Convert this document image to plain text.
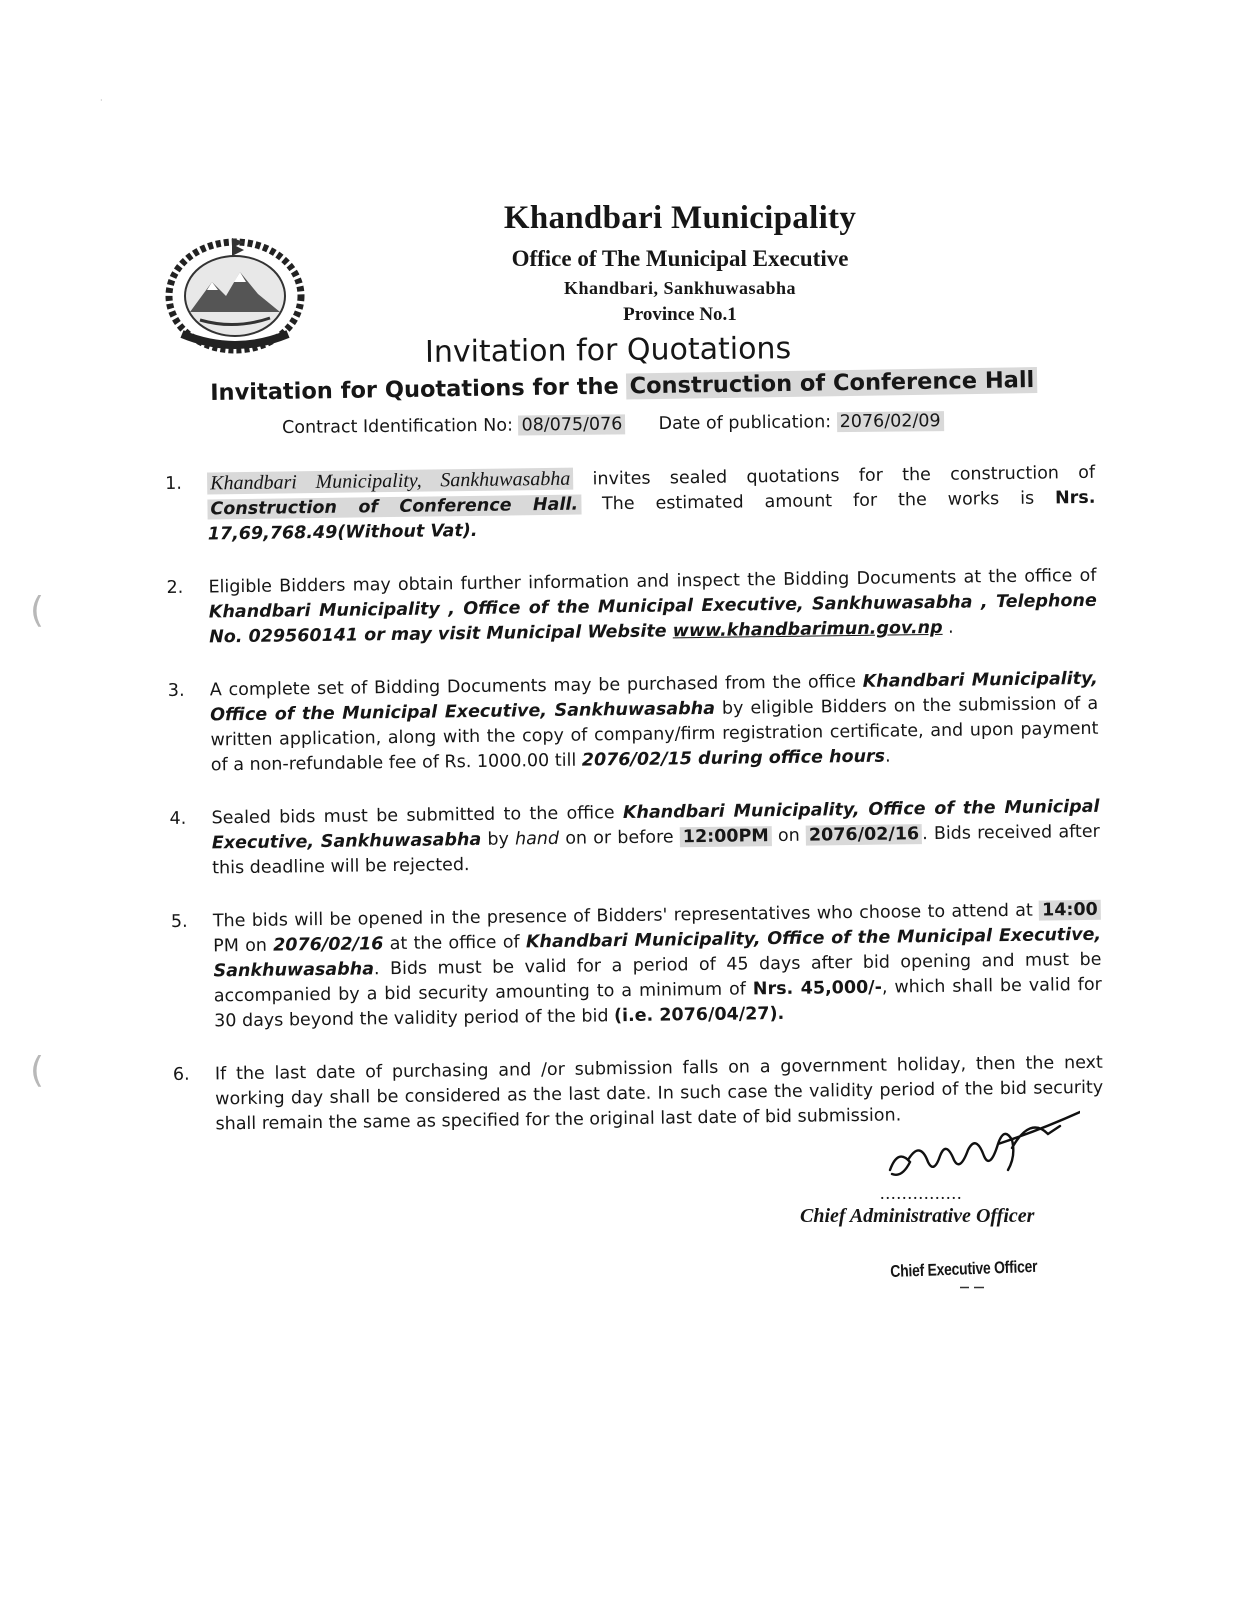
·
(
(
Khandbari Municipality
Office of The Municipal Executive
Khandbari, Sankhuwasabha
Province No.1
Invitation for Quotations
Invitation for Quotations for the Construction of Conference Hall
Contract Identification No: 08/075/076 Date of publication: 2076/02/09
1. Khandbari Municipality, Sankhuwasabha invites sealed quotations for the construction of Construction of Conference Hall. The estimated amount for the works is Nrs. 17,69,768.49(Without Vat).
2. Eligible Bidders may obtain further information and inspect the Bidding Documents at the office of Khandbari Municipality , Office of the Municipal Executive, Sankhuwasabha , Telephone No. 029560141 or may visit Municipal Website www.khandbarimun.gov.np .
3. A complete set of Bidding Documents may be purchased from the office Khandbari Municipality, Office of the Municipal Executive, Sankhuwasabha by eligible Bidders on the submission of a written application, along with the copy of company/firm registration certificate, and upon payment of a non-refundable fee of Rs. 1000.00 till 2076/02/15 during office hours.
4. Sealed bids must be submitted to the office Khandbari Municipality, Office of the Municipal Executive, Sankhuwasabha by hand on or before 12:00PM on 2076/02/16 . Bids received after this deadline will be rejected.
5. The bids will be opened in the presence of Bidders' representatives who choose to attend at 14:00 PM on 2076/02/16 at the office of Khandbari Municipality, Office of the Municipal Executive, Sankhuwasabha. Bids must be valid for a period of 45 days after bid opening and must be accompanied by a bid security amounting to a minimum of Nrs. 45,000/-, which shall be valid for 30 days beyond the validity period of the bid (i.e. 2076/04/27).
6. If the last date of purchasing and /or submission falls on a government holiday, then the next working day shall be considered as the last date. In such case the validity period of the bid security shall remain the same as specified for the original last date of bid submission.
...............
Chief Administrative Officer
Chief Executive Officer
